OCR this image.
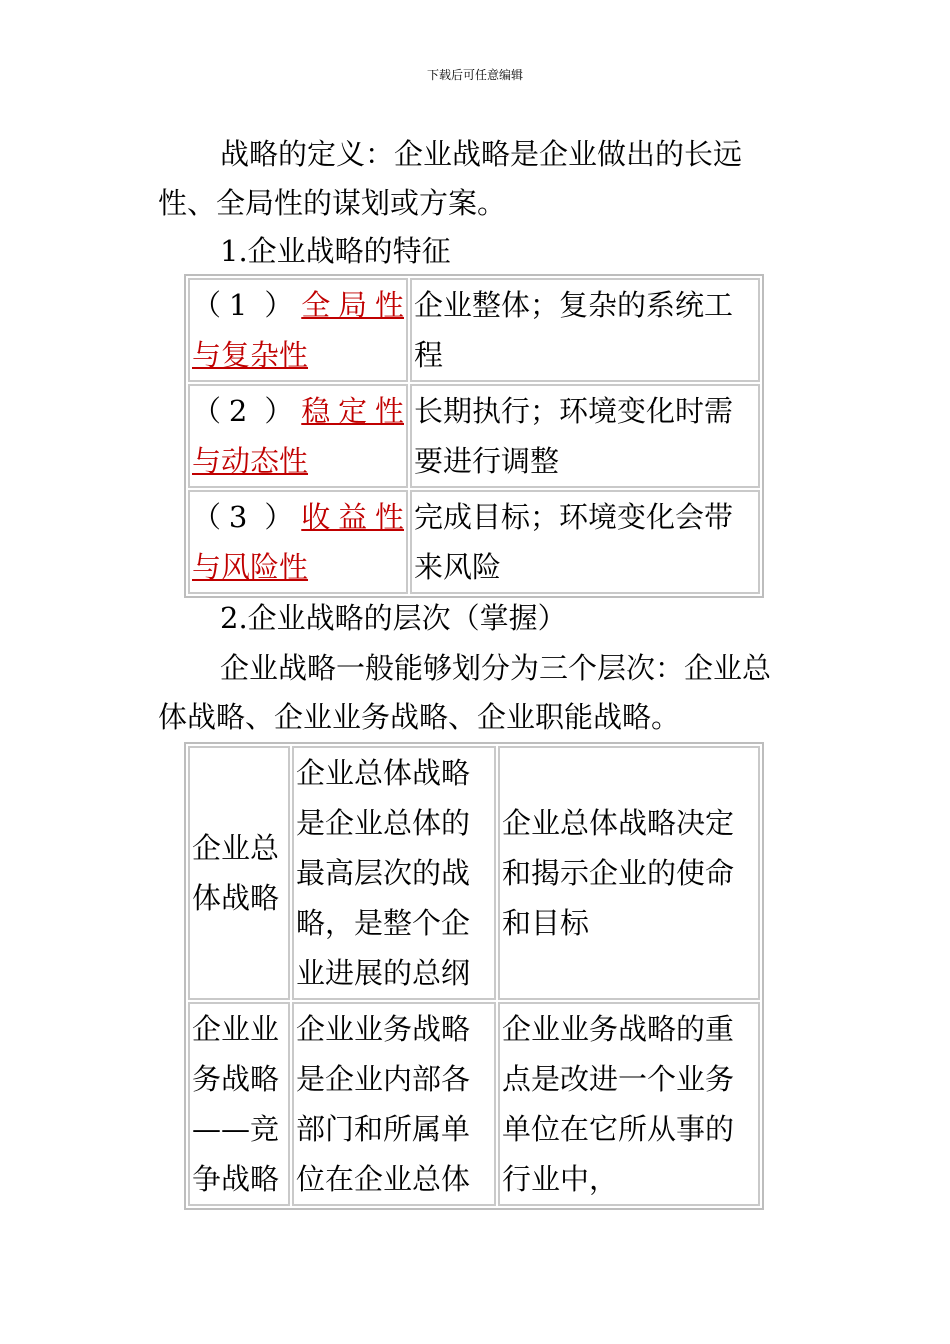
下载后可任意编辑

战略的定义：企业战略是企业做出的长远性、全局性的谋划或方案。

1.企业战略的特征

（1 ）全局性
与复杂性	企业整体；复杂的系统工程

（2 ）稳定性
与动态性	长期执行；环境变化时需要进行调整

（3 ）收益性
与风险性	完成目标；环境变化会带来风险

2.企业战略的层次（掌握）

企业战略一般能够划分为三个层次：企业总体战略、企业业务战略、企业职能战略。

企业总体战略	企业总体战略是企业总体的最高层次的战略，是整个企业进展的总纲	企业总体战略决定和揭示企业的使命和目标
企业业务战略——竞争战略	企业业务战略是企业内部各部门和所属单位在企业总体	企业业务战略的重点是改进一个业务单位在它所从事的行业中，
